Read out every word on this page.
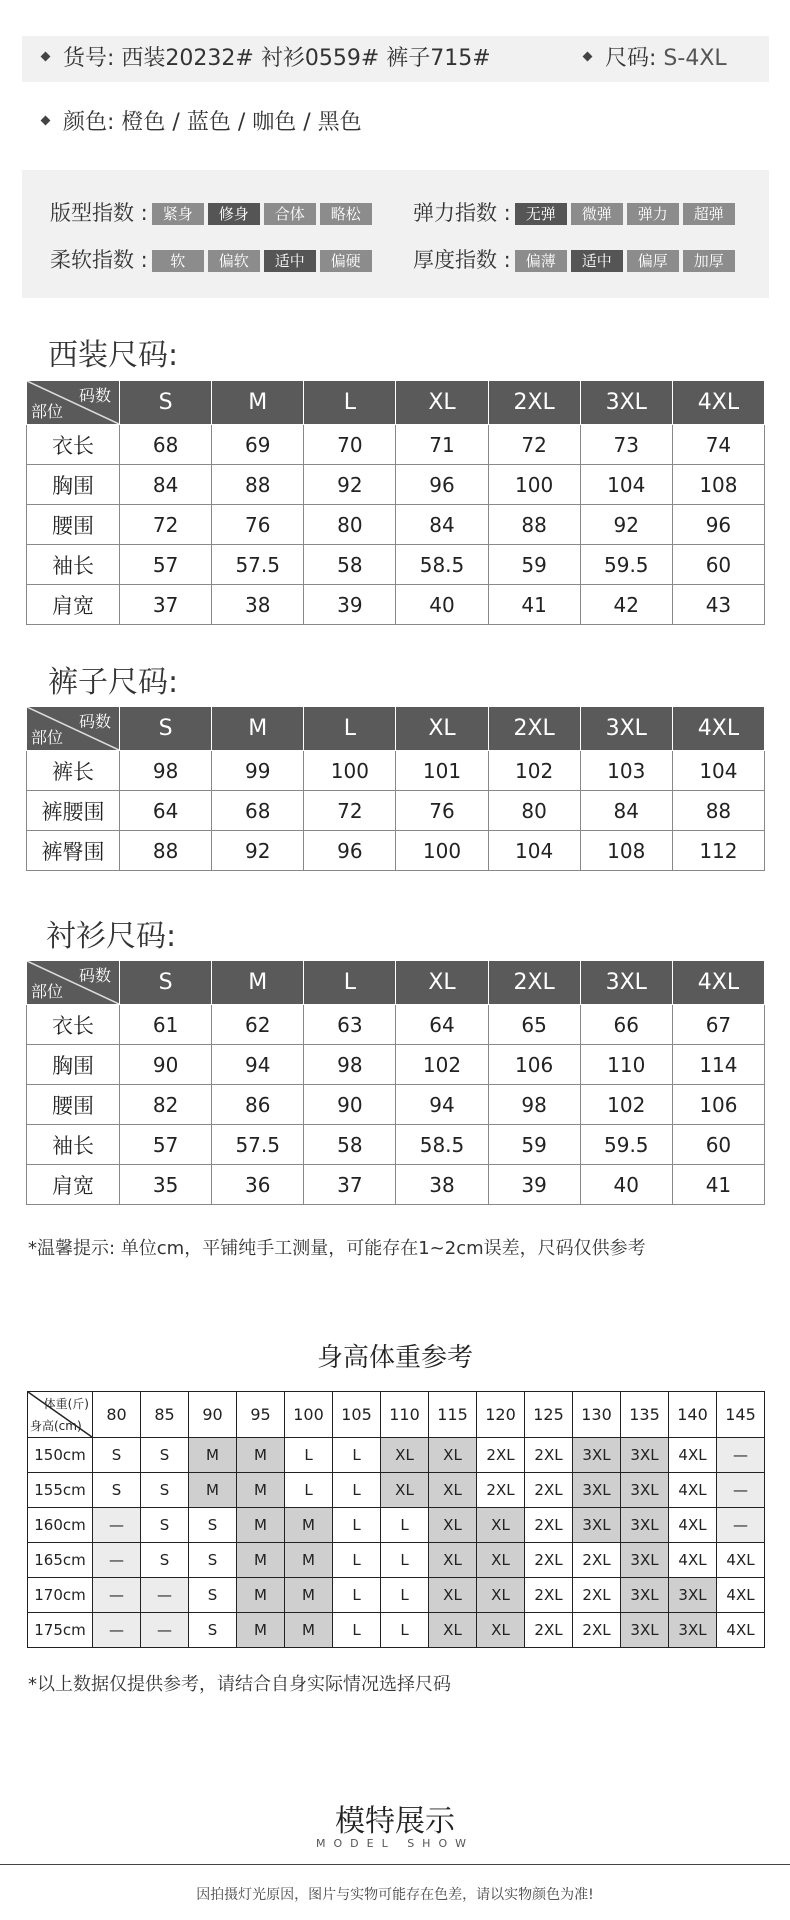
货号: 西装20232# 衬衫0559# 裤子715#	尺码: S-4XL
颜色: 橙色 / 蓝色 / 咖色 / 黑色
版型指数 : 紧身 修身 合体 略松	弹力指数 : 无弹 微弹 弹力 超弹
柔软指数 : 软 偏软 适中 偏硬	厚度指数 : 偏薄 适中 偏厚 加厚
西装尺码:
码数
部位	S	M	L	XL	2XL	3XL	4XL
衣长	68	69	70	71	72	73	74
胸围	84	88	92	96	100	104	108
腰围	72	76	80	84	88	92	96
袖长	57	57.5	58	58.5	59	59.5	60
肩宽	37	38	39	40	41	42	43
裤子尺码:
码数
部位	S	M	L	XL	2XL	3XL	4XL
裤长	98	99	100	101	102	103	104
裤腰围	64	68	72	76	80	84	88
裤臀围	88	92	96	100	104	108	112
衬衫尺码:
码数
部位	S	M	L	XL	2XL	3XL	4XL
衣长	61	62	63	64	65	66	67
胸围	90	94	98	102	106	110	114
腰围	82	86	90	94	98	102	106
袖长	57	57.5	58	58.5	59	59.5	60
肩宽	35	36	37	38	39	40	41
*温馨提示: 单位cm，平铺纯手工测量，可能存在1~2cm误差，尺码仅供参考
身高体重参考
体重(斤)
身高(cm)	80	85	90	95	100	105	110	115	120	125	130	135	140	145
150cm	S	S	M	M	L	L	XL	XL	2XL	2XL	3XL	3XL	4XL	—
155cm	S	S	M	M	L	L	XL	XL	2XL	2XL	3XL	3XL	4XL	—
160cm	—	S	S	M	M	L	L	XL	XL	2XL	3XL	3XL	4XL	—
165cm	—	S	S	M	M	L	L	XL	XL	2XL	2XL	3XL	4XL	4XL
170cm	—	—	S	M	M	L	L	XL	XL	2XL	2XL	3XL	3XL	4XL
175cm	—	—	S	M	M	L	L	XL	XL	2XL	2XL	3XL	3XL	4XL
*以上数据仅提供参考，请结合自身实际情况选择尺码
模特展示
MODEL SHOW
因拍摄灯光原因，图片与实物可能存在色差，请以实物颜色为准!
